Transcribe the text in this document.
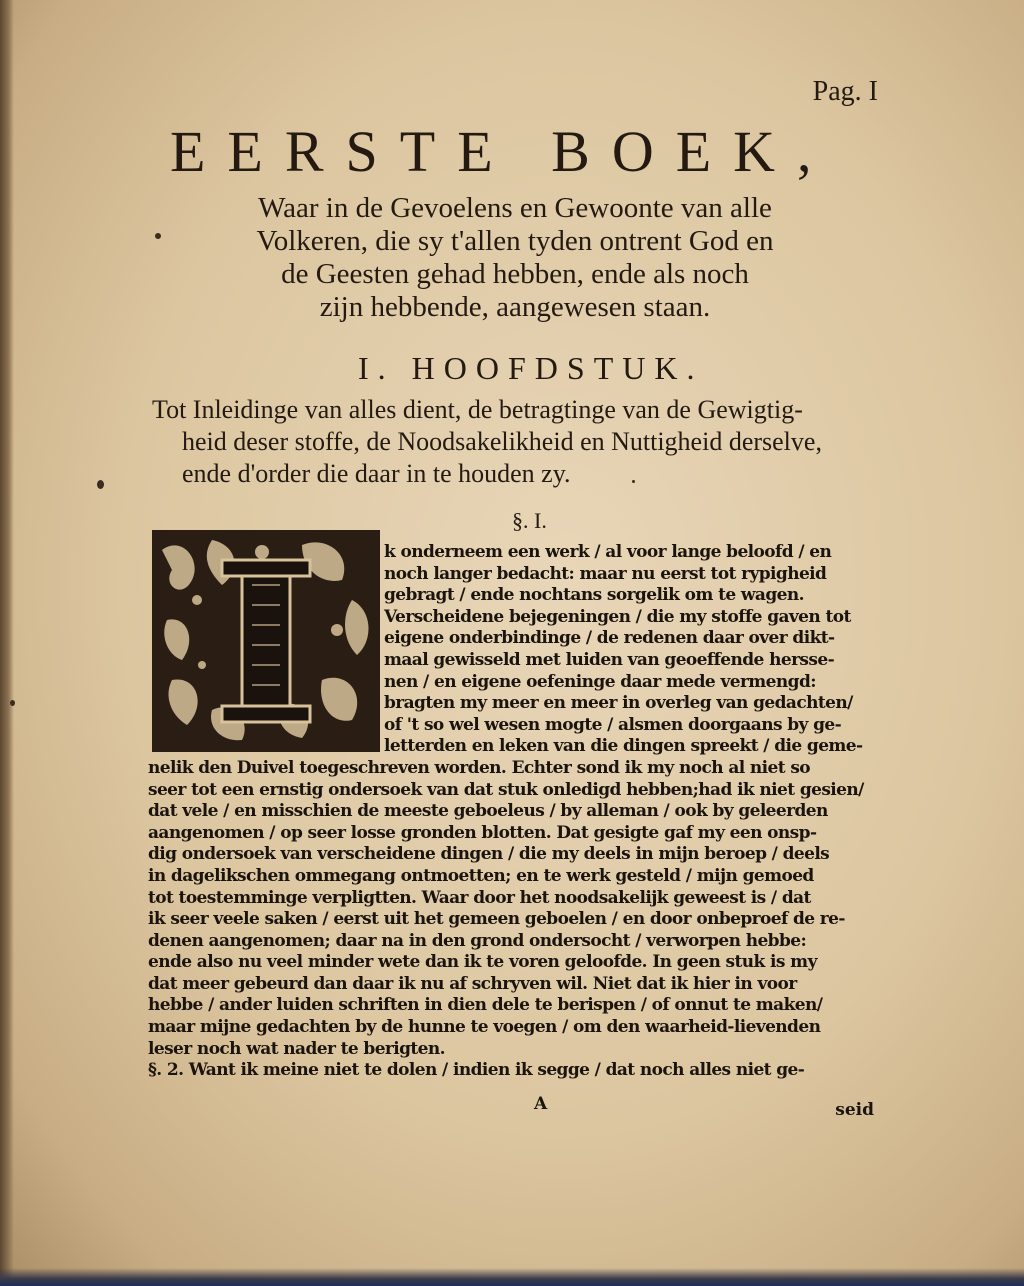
Pag. I
EERSTE BOEK,
Waar in de Gevoelens en Gewoonte van alle
Volkeren, die sy t'allen tyden ontrent God en
de Geesten gehad hebben, ende als noch
zijn hebbende, aangewesen staan.
I. HOOFDSTUK.
Tot Inleidinge van alles dient, de betragtinge van de Gewigtig-
heid deser stoffe, de Noodsakelikheid en Nuttigheid derselve,
ende d'order die daar in te houden zy.
§. I.
k onderneem een werk / al voor lange beloofd / en
noch langer bedacht: maar nu eerst tot rypigheid
gebragt / ende nochtans sorgelik om te wagen.
Verscheidene bejegeningen / die my stoffe gaven tot
eigene onderbindinge / de redenen daar over dikt-
maal gewisseld met luiden van geoeffende hersse-
nen / en eigene oefeninge daar mede vermengd:
bragten my meer en meer in overleg van gedachten/
of 't so wel wesen mogte / alsmen doorgaans by ge-
letterden en leken van die dingen spreekt / die geme-
nelik den Duivel toegeschreven worden. Echter sond ik my noch al niet so
seer tot een ernstig ondersoek van dat stuk onledigd hebben;had ik niet gesien/
dat vele / en misschien de meeste geboeleus / by alleman / ook by geleerden
aangenomen / op seer losse gronden blotten. Dat gesigte gaf my een onsp-
dig ondersoek van verscheidene dingen / die my deels in mijn beroep / deels
in dagelikschen ommegang ontmoetten; en te werk gesteld / mijn gemoed
tot toestemminge verpligtten. Waar door het noodsakelijk geweest is / dat
ik seer veele saken / eerst uit het gemeen geboelen / en door onbeproef de re-
denen aangenomen; daar na in den grond ondersocht / verworpen hebbe:
ende also nu veel minder wete dan ik te voren geloofde. In geen stuk is my
dat meer gebeurd dan daar ik nu af schryven wil. Niet dat ik hier in voor
hebbe / ander luiden schriften in dien dele te berispen / of onnut te maken/
maar mijne gedachten by de hunne te voegen / om den waarheid-lievenden
leser noch wat nader te berigten.
§. 2. Want ik meine niet te dolen / indien ik segge / dat noch alles niet ge-
A	seid
